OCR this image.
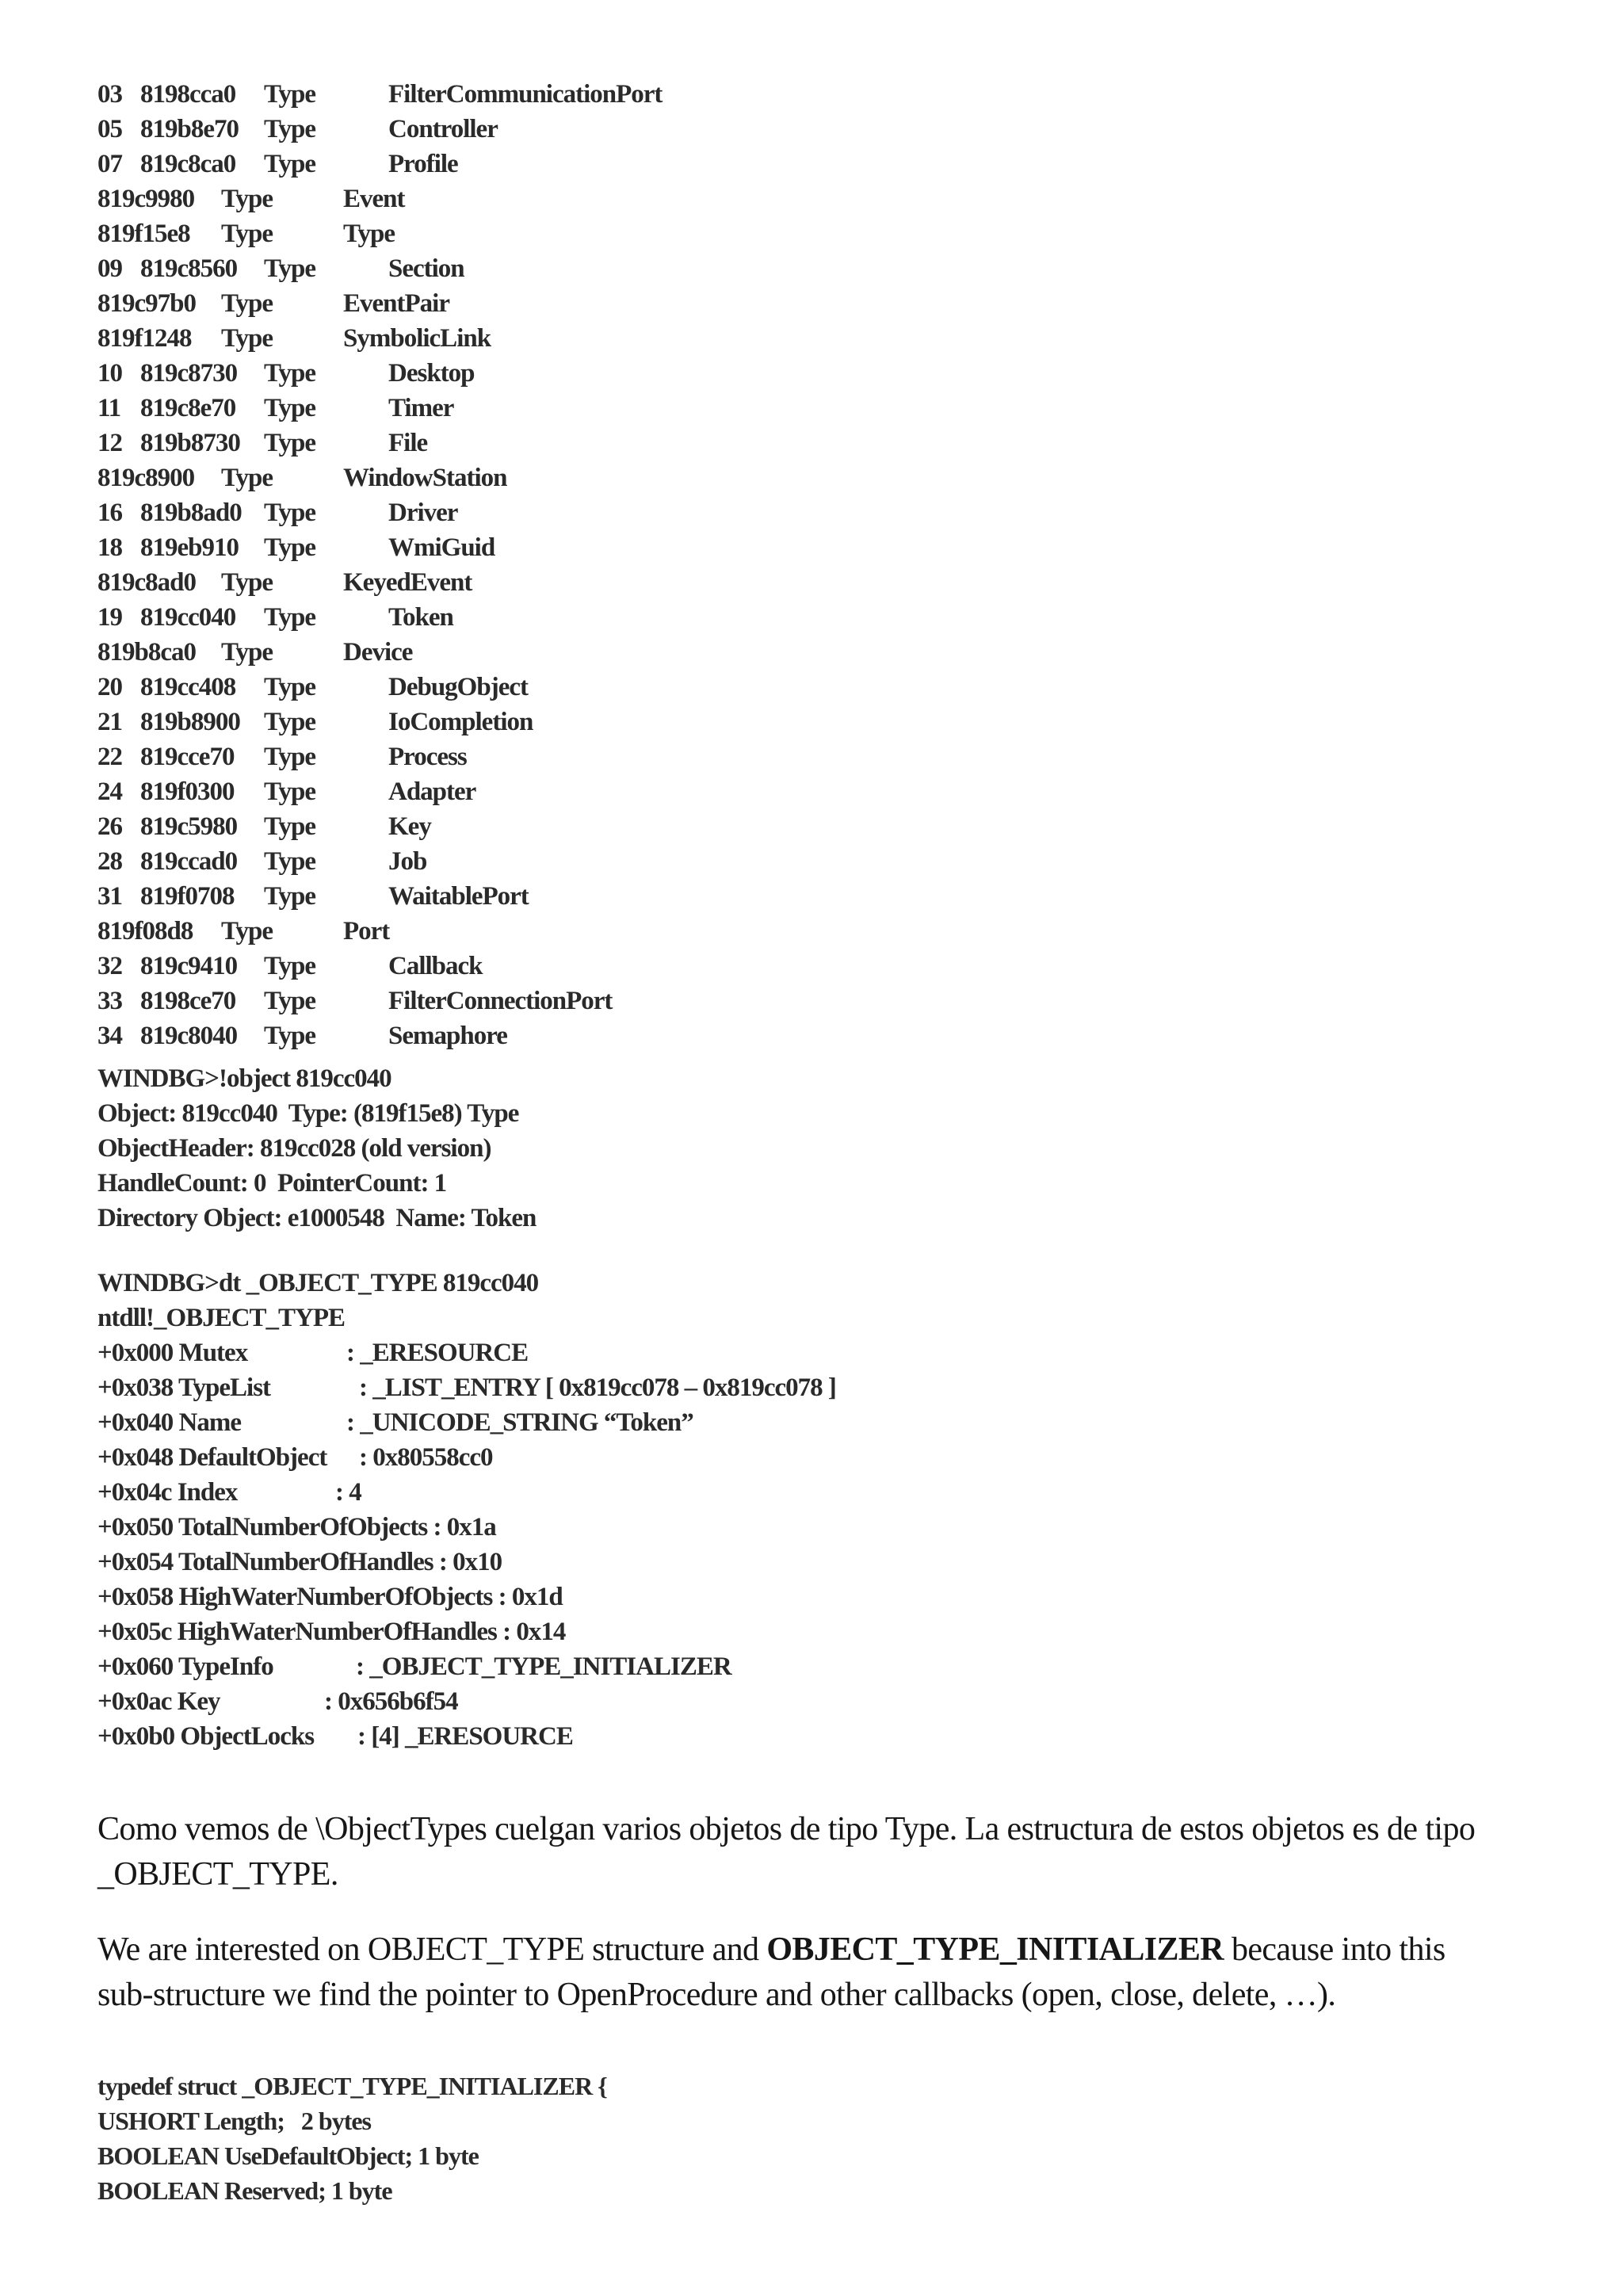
03 8198cca0 Type	FilterCommunicationPort
05 819b8e70 Type	Controller
07 819c8ca0 Type	Profile
819c9980 Type	Event
819f15e8 Type	Type
09 819c8560 Type	Section
819c97b0 Type	EventPair
819f1248 Type	SymbolicLink
10 819c8730 Type	Desktop
11 819c8e70 Type	Timer
12 819b8730 Type	File
819c8900 Type	WindowStation
16 819b8ad0 Type	Driver
18 819eb910 Type	WmiGuid
819c8ad0 Type	KeyedEvent
19 819cc040 Type	Token
819b8ca0 Type	Device
20 819cc408 Type	DebugObject
21 819b8900 Type	IoCompletion
22 819cce70 Type	Process
24 819f0300 Type	Adapter
26 819c5980 Type	Key
28 819ccad0 Type	Job
31 819f0708 Type	WaitablePort
819f08d8 Type	Port
32 819c9410 Type	Callback
33 8198ce70 Type	FilterConnectionPort
34 819c8040 Type	Semaphore
WINDBG>!object 819cc040
Object: 819cc040  Type: (819f15e8) Type
ObjectHeader: 819cc028 (old version)
HandleCount: 0  PointerCount: 1
Directory Object: e1000548  Name: Token
WINDBG>dt _OBJECT_TYPE 819cc040
ntdll!_OBJECT_TYPE
+0x000 Mutex	: _ERESOURCE
+0x038 TypeList	: _LIST_ENTRY [ 0x819cc078 – 0x819cc078 ]
+0x040 Name	: _UNICODE_STRING “Token”
+0x048 DefaultObject : 0x80558cc0
+0x04c Index	: 4
+0x050 TotalNumberOfObjects : 0x1a
+0x054 TotalNumberOfHandles : 0x10
+0x058 HighWaterNumberOfObjects : 0x1d
+0x05c HighWaterNumberOfHandles : 0x14
+0x060 TypeInfo	: _OBJECT_TYPE_INITIALIZER
+0x0ac Key	: 0x656b6f54
+0x0b0 ObjectLocks : [4] _ERESOURCE
Como vemos de \ObjectTypes cuelgan varios objetos de tipo Type. La estructura de estos objetos es de tipo _OBJECT_TYPE.
We are interested on OBJECT_TYPE structure and OBJECT_TYPE_INITIALIZER because into this sub-structure we find the pointer to OpenProcedure and other callbacks (open, close, delete, …).
typedef struct _OBJECT_TYPE_INITIALIZER {
USHORT Length;   2 bytes
BOOLEAN UseDefaultObject; 1 byte
BOOLEAN Reserved; 1 byte
